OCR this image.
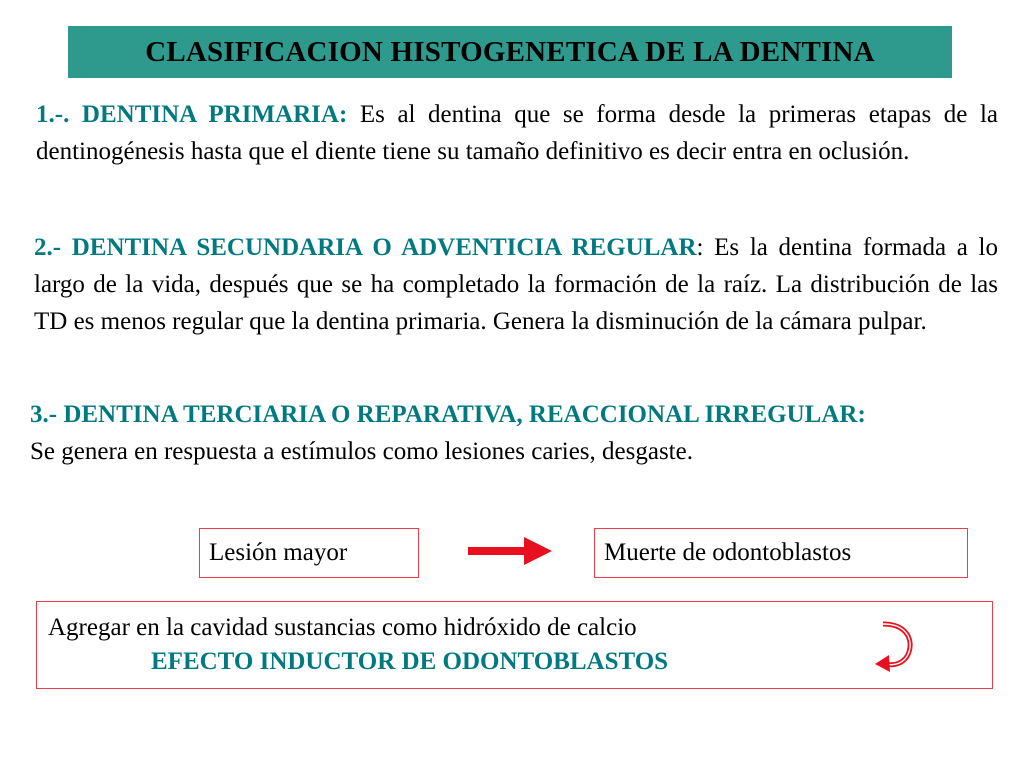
CLASIFICACION HISTOGENETICA DE LA DENTINA

1.-. DENTINA PRIMARIA: Es al dentina que se forma desde la primeras etapas de la dentinogénesis hasta que el diente tiene su tamaño definitivo es decir entra en oclusión.

2.- DENTINA SECUNDARIA O ADVENTICIA REGULAR: Es la dentina formada a lo largo de la vida, después que se ha completado la formación de la raíz. La distribución de las TD es menos regular que la dentina primaria. Genera la disminución de la cámara pulpar.

3.- DENTINA TERCIARIA O REPARATIVA, REACCIONAL IRREGULAR: Se genera en respuesta a estímulos como lesiones caries, desgaste.

Lesión mayor	Muerte de odontoblastos
Agregar en la cavidad sustancias como hidróxido de calcio
EFECTO INDUCTOR DE ODONTOBLASTOS
